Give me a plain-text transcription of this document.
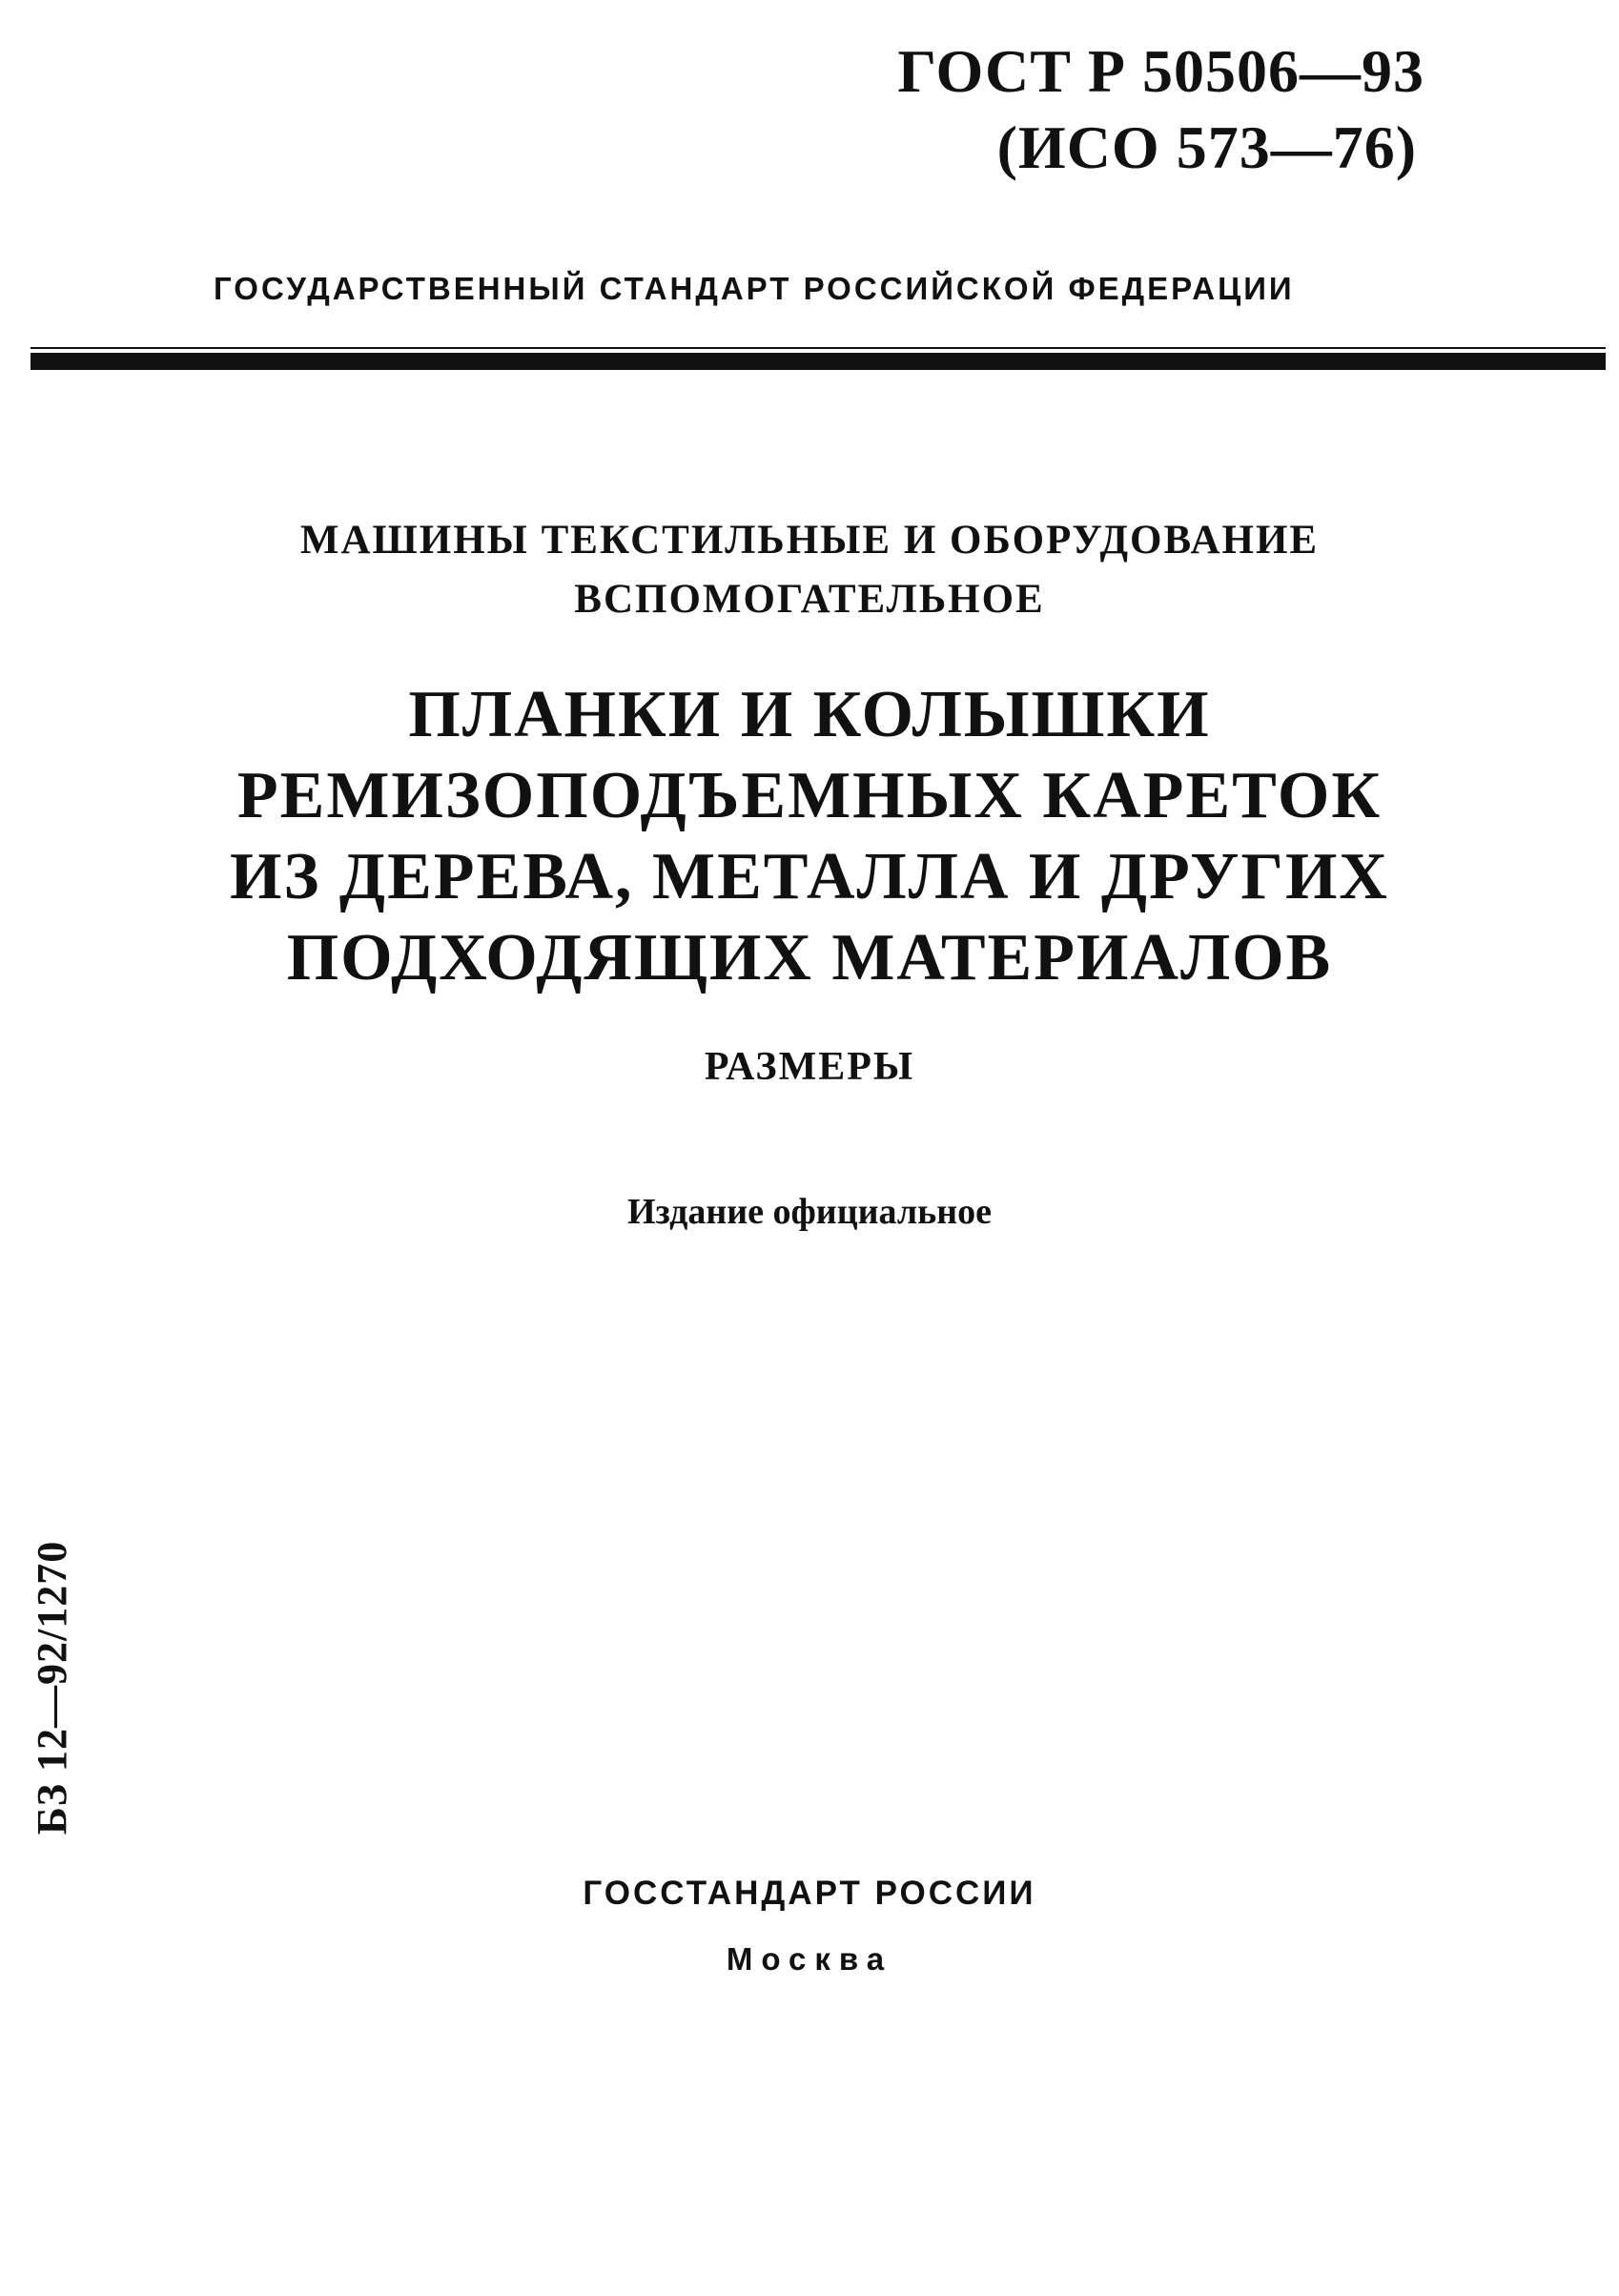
ГОСТ Р 50506—93
(ИСО 573—76)
ГОСУДАРСТВЕННЫЙ СТАНДАРТ РОССИЙСКОЙ ФЕДЕРАЦИИ
МАШИНЫ ТЕКСТИЛЬНЫЕ И ОБОРУДОВАНИЕ
ВСПОМОГАТЕЛЬНОЕ
ПЛАНКИ И КОЛЫШКИ
РЕМИЗОПОДЪЕМНЫХ КАРЕТОК
ИЗ ДЕРЕВА, МЕТАЛЛА И ДРУГИХ
ПОДХОДЯЩИХ МАТЕРИАЛОВ
РАЗМЕРЫ
Издание официальное
БЗ 12—92/1270
ГОССТАНДАРТ РОССИИ
Москва
